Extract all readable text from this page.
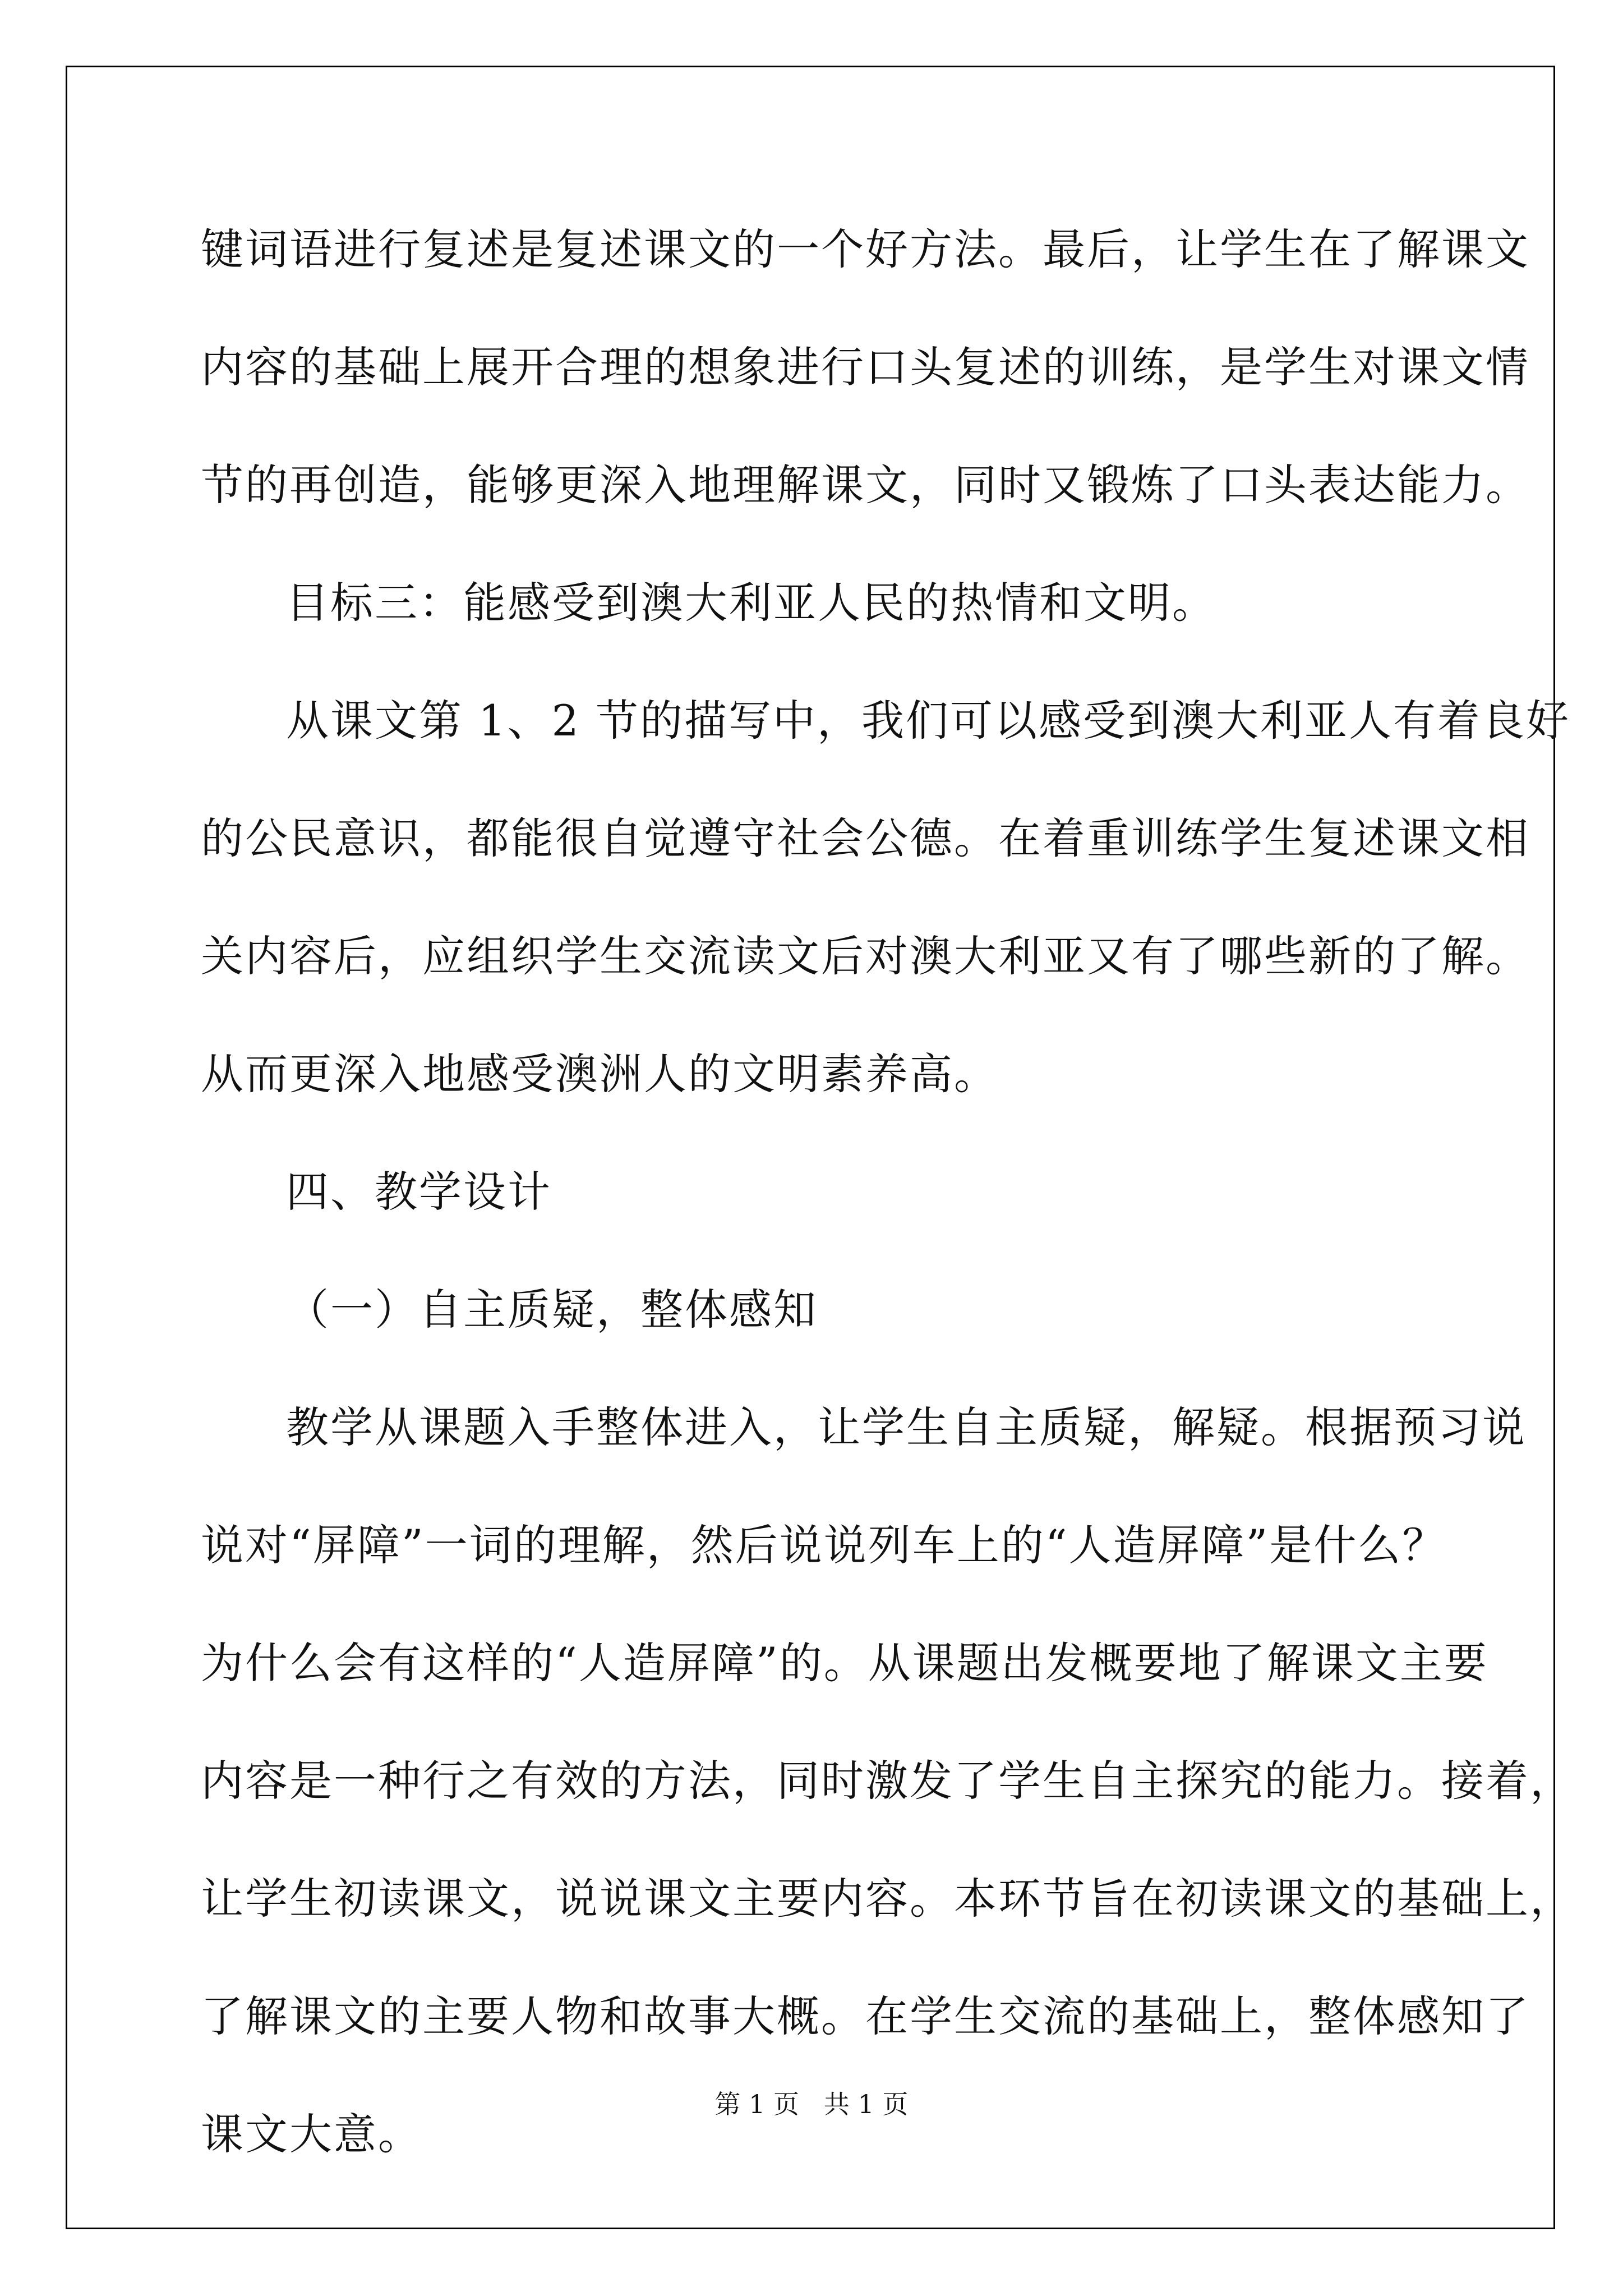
键词语进行复述是复述课文的一个好方法。最后，让学生在了解课文
内容的基础上展开合理的想象进行口头复述的训练，是学生对课文情
节的再创造，能够更深入地理解课文，同时又锻炼了口头表达能力。
目标三：能感受到澳大利亚人民的热情和文明。
从课文第 1、2 节的描写中，我们可以感受到澳大利亚人有着良好
的公民意识，都能很自觉遵守社会公德。在着重训练学生复述课文相
关内容后，应组织学生交流读文后对澳大利亚又有了哪些新的了解。
从而更深入地感受澳洲人的文明素养高。
四、教学设计
（一）自主质疑，整体感知
教学从课题入手整体进入，让学生自主质疑，解疑。根据预习说
说对“屏障”一词的理解，然后说说列车上的“人造屏障”是什么？
为什么会有这样的“人造屏障”的。从课题出发概要地了解课文主要
内容是一种行之有效的方法，同时激发了学生自主探究的能力。接着，
让学生初读课文，说说课文主要内容。本环节旨在初读课文的基础上，
了解课文的主要人物和故事大概。在学生交流的基础上，整体感知了
课文大意。
第 1 页   共 1 页
